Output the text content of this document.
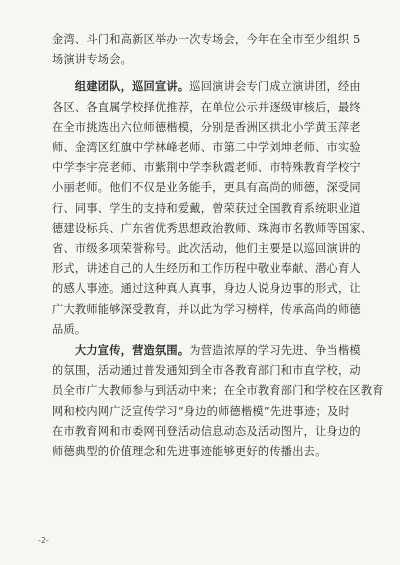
金湾、斗门和高新区举办一次专场会，今年在全市至少组织 5

场演讲专场会。

　　组建团队，巡回宣讲。巡回演讲会专门成立演讲团，经由

各区、各直属学校择优推荐，在单位公示并逐级审核后，最终

在全市挑选出六位师德楷模，分别是香洲区拱北小学黄玉萍老

师、金湾区红旗中学林峰老师、市第二中学刘坤老师、市实验

中学李宇亮老师、市紫荆中学李秋霞老师、市特殊教育学校宁

小丽老师。他们不仅是业务能手，更具有高尚的师德，深受同

行、同事、学生的支持和爱戴，曾荣获过全国教育系统职业道

德建设标兵、广东省优秀思想政治教师、珠海市名教师等国家、

省、市级多项荣誉称号。此次活动，他们主要是以巡回演讲的

形式，讲述自己的人生经历和工作历程中敬业奉献、潜心育人

的感人事迹。通过这种真人真事，身边人说身边事的形式，让

广大教师能够深受教育，并以此为学习榜样，传承高尚的师德

品质。

　　大力宣传，营造氛围。为营造浓厚的学习先进、争当楷模

的氛围，活动通过普发通知到全市各教育部门和市直学校，动

员全市广大教师参与到活动中来；在全市教育部门和学校在区教育

网和校内网广泛宣传学习“身边的师德楷模”先进事迹；及时

在市教育网和市委网刊登活动信息动态及活动图片，让身边的

师德典型的价值理念和先进事迹能够更好的传播出去。

-2-
